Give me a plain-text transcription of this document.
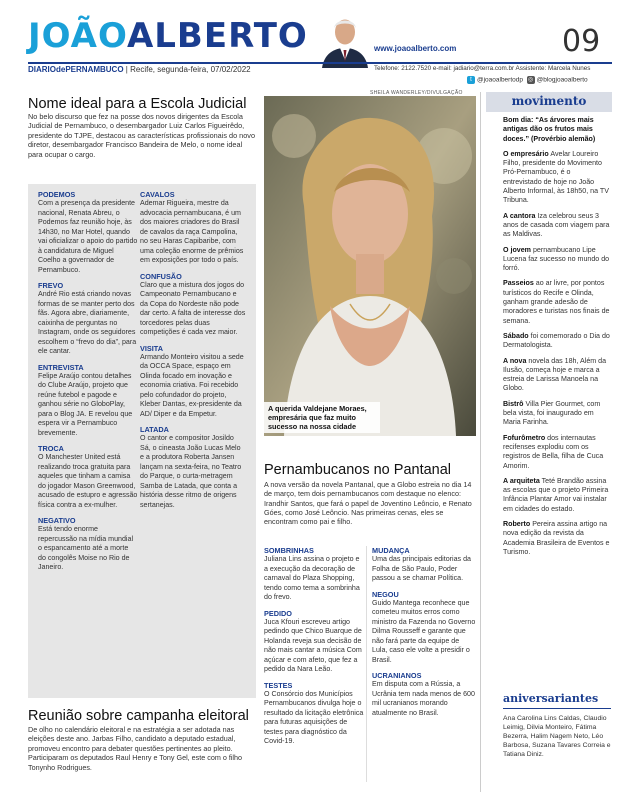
JOÃOALBERTO	www.joaoalberto.com	09
DIARIOdePERNAMBUCO | Recife, segunda-feira, 07/02/2022	Telefone: 2122.7520 e-mail: jadiario@terra.com.br Assistente: Marcela Nunes
t @joaoalbertodp ◎ @blogjoaoalberto
SHEILA WANDERLEY/DIVULGAÇÃO
Nome ideal para a Escola Judicial

No belo discurso que fez na posse dos novos dirigentes da Escola Judicial de Pernambuco, o desembargador Luiz Carlos Figueirêdo, presidente do TJPE, destacou as características profissionais do novo diretor, desembargador Francisco Bandeira de Melo, o nome ideal para ocupar o cargo.

PODEMOS

Com a presença da presidente nacional, Renata Abreu, o Podemos faz reunião hoje, às 14h30, no Mar Hotel, quando vai oficializar o apoio do partido à candidatura de Miguel Coelho a governador de Pernambuco.

FREVO

André Rio está criando novas formas de se manter perto dos fãs. Agora abre, diariamente, caixinha de perguntas no Instagram, onde os seguidores escolhem o “frevo do dia”, para ele cantar.

ENTREVISTA

Felipe Araújo contou detalhes do Clube Araújo, projeto que reúne futebol e pagode e ganhou série no GloboPlay, para o Blog JA. E revelou que espera vir a Pernambuco brevemente.

TROCA

O Manchester United está realizando troca gratuita para aqueles que tinham a camisa do jogador Mason Greenwood, acusado de estupro e agressão física contra a ex-mulher.

NEGATIVO

Está tendo enorme repercussão na mídia mundial o espancamento até a morte do congolês Moise no Rio de Janeiro.

CAVALOS

Ademar Rigueira, mestre da advocacia pernambucana, é um dos maiores criadores do Brasil de cavalos da raça Campolina, no seu Haras Capibaribe, com uma coleção enorme de prêmios em exposições por todo o país.

CONFUSÃO

Claro que a mistura dos jogos do Campeonato Pernambucano e da Copa do Nordeste não pode dar certo. A falta de interesse dos torcedores pelas duas competições é cada vez maior.

VISITA

Armando Monteiro visitou a sede da OCCA Space, espaço em Olinda focado em inovação e economia criativa. Foi recebido pelo cofundador do projeto, Kleber Dantas, ex-presidente da AD/ Diper e da Empetur.

LATADA

O cantor e compositor Josildo Sá, o cineasta João Lucas Melo e a produtora Roberta Jansen lançam na sexta-feira, no Teatro do Parque, o curta-metragem Samba de Latada, que conta a história desse ritmo de origens sertanejas.

Reunião sobre campanha eleitoral

De olho no calendário eleitoral e na estratégia a ser adotada nas eleições deste ano. Jarbas Filho, candidato a deputado estadual, promoveu encontro para debater questões pertinentes ao pleito. Participaram os deputados Raul Henry e Tony Gel, este com o filho Tonynho Rodrigues.

A querida Valdejane Moraes, empresária que faz muito sucesso na nossa cidade
Pernambucanos no Pantanal

A nova versão da novela Pantanal, que a Globo estreia no dia 14 de março, tem dois pernambucanos com destaque no elenco: Irandhir Santos, que fará o papel de Joventino Leôncio, e Renato Góes, como José Leôncio. Nas primeiras cenas, eles se encontram como pai e filho.

SOMBRINHAS

Juliana Lins assina o projeto e a execução da decoração de carnaval do Plaza Shopping, tendo como tema a sombrinha do frevo.

PEDIDO

Juca Kfouri escreveu artigo pedindo que Chico Buarque de Holanda reveja sua decisão de não mais cantar a música Com açúcar e com afeto, que fez a pedido da Nara Leão.

TESTES

O Consórcio dos Municípios Pernambucanos divulga hoje o resultado da licitação eletrônica para futuras aquisições de testes para diagnóstico da Covid-19.

MUDANÇA

Uma das principais editorias da Folha de São Paulo, Poder passou a se chamar Política.

NEGOU

Guido Mantega reconhece que cometeu muitos erros como ministro da Fazenda no Governo Dilma Rousseff e garante que não fará parte da equipe de Lula, caso ele volte a presidir o Brasil.

UCRANIANOS

Em disputa com a Rússia, a Ucrânia tem nada menos de 600 mil ucranianos morando atualmente no Brasil.

movimento

Bom dia: “As árvores mais antigas dão os frutos mais doces.” (Provérbio alemão)

O empresário Avelar Loureiro Filho, presidente do Movimento Pró-Pernambuco, é o entrevistado de hoje no João Alberto Informal, às 18h50, na TV Tribuna.

A cantora Iza celebrou seus 3 anos de casada com viagem para as Maldivas.

O jovem pernambucano Lipe Lucena faz sucesso no mundo do forró.

Passeios ao ar livre, por pontos turísticos do Recife e Olinda, ganham grande adesão de moradores e turistas nos finais de semana.

Sábado foi comemorado o Dia do Dermatologista.

A nova novela das 18h, Além da Ilusão, começa hoje e marca a estreia de Larissa Manoela na Globo.

Bistrô Villa Pier Gourmet, com bela vista, foi inaugurado em Maria Farinha.

Fofurômetro dos internautas recifenses explodiu com os registros de Bella, filha de Cuca Amorim.

A arquiteta Teté Brandão assina as escolas que o projeto Primeira Infância Plantar Amor vai instalar em cidades do estado.

Roberto Pereira assina artigo na nova edição da revista da Academia Brasileira de Eventos e Turismo.

aniversariantes
Ana Carolina Lins Caldas, Claudio Leimig, Dilvia Monteiro, Fátima Bezerra, Halim Nagem Neto, Léo Barbosa, Suzana Tavares Correia e Tatiana Diniz.
